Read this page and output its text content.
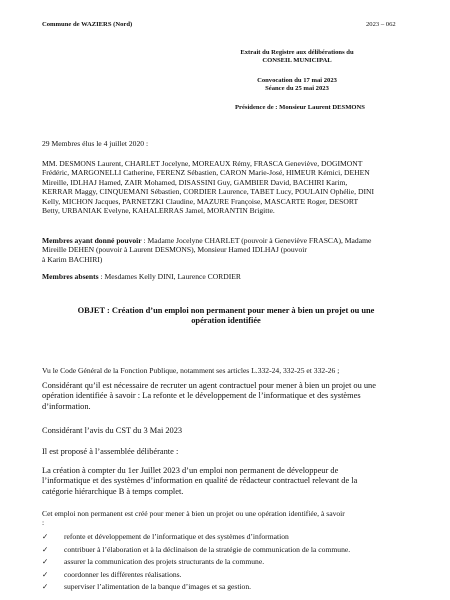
Commune de WAZIERS (Nord)	2023 – 062
Extrait du Registre aux délibérations du
CONSEIL MUNICIPAL
Convocation du 17 mai 2023
Séance du 25 mai 2023
Présidence de : Monsieur Laurent DESMONS
29 Membres élus le 4 juillet 2020 :
MM. DESMONS Laurent, CHARLET Jocelyne, MOREAUX Rémy, FRASCA Geneviève, DOGIMONT
Frédéric, MARGONELLI Catherine, FERENZ Sébastien, CARON Marie-José, HIMEUR Kémici, DEHEN
Mireille, IDLHAJ Hamed, ZAIR Mohamed, DISASSINI Guy, GAMBIER David, BACHIRI Karim,
KERRAR Maggy, CINQUEMANI Sébastien, CORDIER Laurence, TABET Lucy, POULAIN Ophélie, DINI
Kelly, MICHON Jacques, PARNETZKI Claudine, MAZURE Françoise, MASCARTE Roger, DESORT
Betty, URBANIAK Evelyne, KAHALERRAS Jamel, MORANTIN Brigitte.
Membres ayant donné pouvoir : Madame Jocelyne CHARLET (pouvoir à Geneviève FRASCA), Madame
Mireille DEHEN (pouvoir à Laurent DESMONS), Monsieur Hamed IDLHAJ (pouvoir
à Karim BACHIRI)
Membres absents : Mesdames Kelly DINI, Laurence CORDIER
OBJET : Création d’un emploi non permanent pour mener à bien un projet ou une
opération identifiée
Vu le Code Général de la Fonction Publique, notamment ses articles L.332-24, 332-25 et 332-26 ;
Considérant qu’il est nécessaire de recruter un agent contractuel pour mener à bien un projet ou une
opération identifiée à savoir : La refonte et le développement de l’informatique et des systèmes
d’information.
Considérant l’avis du CST du 3 Mai 2023
Il est proposé à l’assemblée délibérante :
La création à compter du 1er Juillet 2023 d’un emploi non permanent de développeur de
l’informatique et des systèmes d’information en qualité de rédacteur contractuel relevant de la
catégorie hiérarchique B à temps complet.
Cet emploi non permanent est créé pour mener à bien un projet ou une opération identifiée, à savoir
:
✓ refonte et développement de l’informatique et des systèmes d’information
✓ contribuer à l’élaboration et à la déclinaison de la stratégie de communication de la commune.
✓ assurer la communication des projets structurants de la commune.
✓ coordonner les différentes réalisations.
✓ superviser l’alimentation de la banque d’images et sa gestion.
